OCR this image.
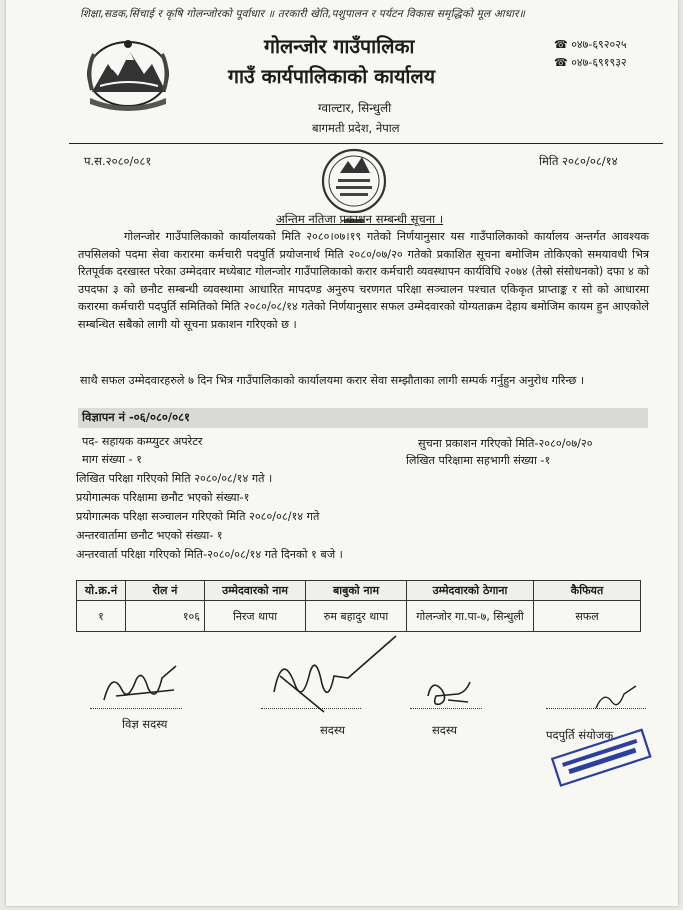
शिक्षा,सडक,सिंचाई र कृषि गोलन्जोरको पूर्वाधार ॥ तरकारी खेति,पशुपालन र पर्यटन विकास समृद्धिको मूल आधार॥
गोलन्जोर गाउँपालिका
गाउँ कार्यपालिकाको कार्यालय
ग्वाल्टार, सिन्धुली
बागमती प्रदेश, नेपाल
☎ ०४७-६९२०२५
☎ ०४७-६९१९३२
प.स.२०८०/०८१	मिति २०८०/०८/१४
अन्तिम नतिजा प्रकाशन सम्बन्धी सूचना ।
गोलन्जोर गाउँपालिकाको कार्यालयको मिति २०८०।०७।१९ गतेको निर्णयानुसार यस गाउँपालिकाको कार्यालय अन्तर्गत आवश्यक तपसिलको पदमा सेवा करारमा कर्मचारी पदपुर्ति प्रयोजनार्थ मिति २०८०/०७/२० गतेको प्रकाशित सूचना बमोजिम तोकिएको समयावधी भित्र रितपूर्वक दरखास्त परेका उम्मेदवार मध्येबाट गोलन्जोर गाउँपालिकाको करार कर्मचारी व्यवस्थापन कार्यविधि २०७४ (तेस्रो संसोधनको) दफा ४ को उपदफा ३ को छनौट सम्बन्धी व्यवस्थामा आधारित मापदण्ड अनुरुप चरणगत परिक्षा सञ्चालन पश्चात एकिकृत प्राप्ताङ्क र सो को आधारमा करारमा कर्मचारी पदपुर्ति समितिको मिति २०८०/०८/१४ गतेको निर्णयानुसार सफल उम्मेदवारको योग्यताक्रम देहाय बमोजिम कायम हुन आएकोले सम्बन्धित सबैको लागी यो सूचना प्रकाशन गरिएको छ ।
साथै सफल उम्मेदवारहरुले ७ दिन भित्र गाउँपालिकाको कार्यालयमा करार सेवा सम्झौताका लागी सम्पर्क गर्नुहुन अनुरोध गरिन्छ ।
विज्ञापन नं -०६/०८०/०८१
पद- सहायक कम्प्युटर अपरेटर	सुचना प्रकाशन गरिएको मिति-२०८०/०७/२०
माग संख्या - १	लिखित परिक्षामा सहभागी संख्या -१
लिखित परिक्षा गरिएको मिति २०८०/०८/१४ गते ।
प्रयोगात्मक परिक्षामा छनौट भएको संख्या-१
प्रयोगात्मक परिक्षा सञ्चालन गरिएको मिति २०८०/०८/१४ गते
अन्तरवार्तामा छनौट भएको संख्या- १
अन्तरवार्ता परिक्षा गरिएको मिति-२०८०/०८/१४ गते दिनको १ बजे ।
यो.क्र.नं	रोल नं	उम्मेदवारको नाम	बाबुको नाम	उम्मेदवारको ठेगाना	कैफियत
१	१०६	निरज थापा	रुम बहादुर थापा	गोलन्जोर गा.पा-७, सिन्धुली	सफल
विज्ञ सदस्य	सदस्य	सदस्य	पदपुर्ति संयोजक
